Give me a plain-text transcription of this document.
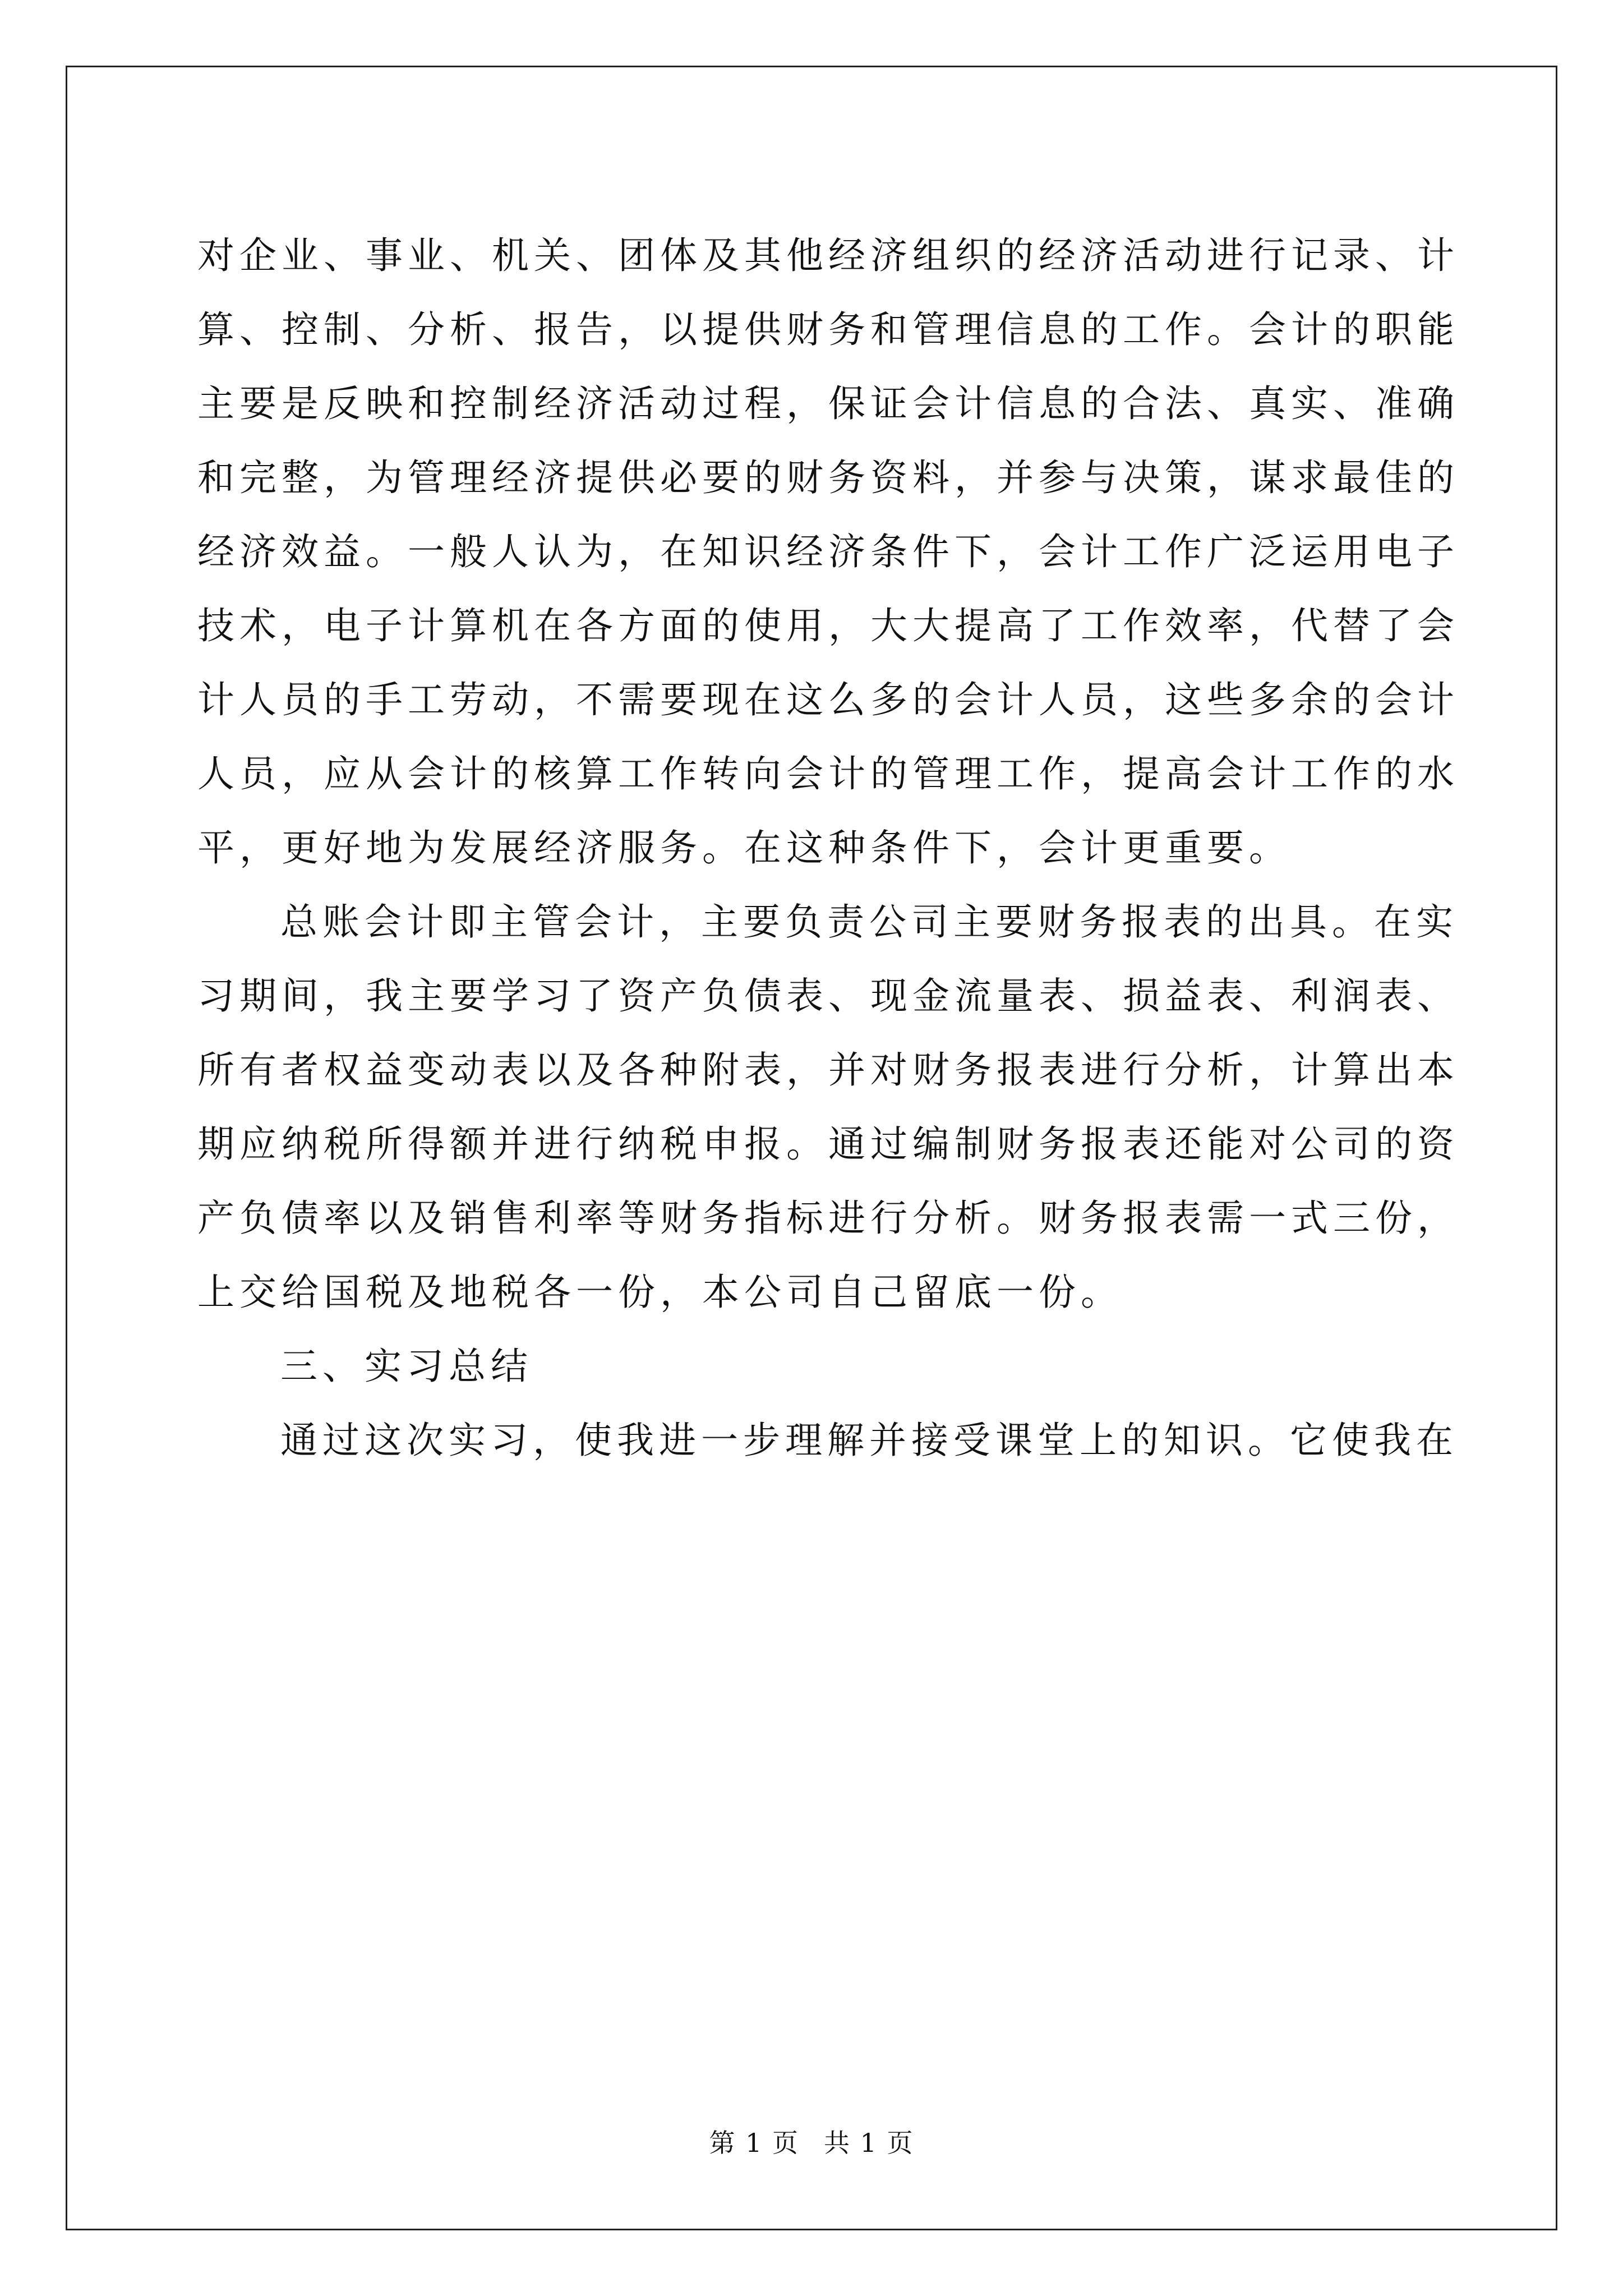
对企业、事业、机关、团体及其他经济组织的经济活动进行记录、计
算、控制、分析、报告，以提供财务和管理信息的工作。会计的职能
主要是反映和控制经济活动过程，保证会计信息的合法、真实、准确
和完整，为管理经济提供必要的财务资料，并参与决策，谋求最佳的
经济效益。一般人认为，在知识经济条件下，会计工作广泛运用电子
技术，电子计算机在各方面的使用，大大提高了工作效率，代替了会
计人员的手工劳动，不需要现在这么多的会计人员，这些多余的会计
人员，应从会计的核算工作转向会计的管理工作，提高会计工作的水
平，更好地为发展经济服务。在这种条件下，会计更重要。
总账会计即主管会计，主要负责公司主要财务报表的出具。在实
习期间，我主要学习了资产负债表、现金流量表、损益表、利润表、
所有者权益变动表以及各种附表，并对财务报表进行分析，计算出本
期应纳税所得额并进行纳税申报。通过编制财务报表还能对公司的资
产负债率以及销售利率等财务指标进行分析。财务报表需一式三份，
上交给国税及地税各一份，本公司自己留底一份。
三、实习总结
通过这次实习，使我进一步理解并接受课堂上的知识。它使我在
第 1 页 共 1 页
